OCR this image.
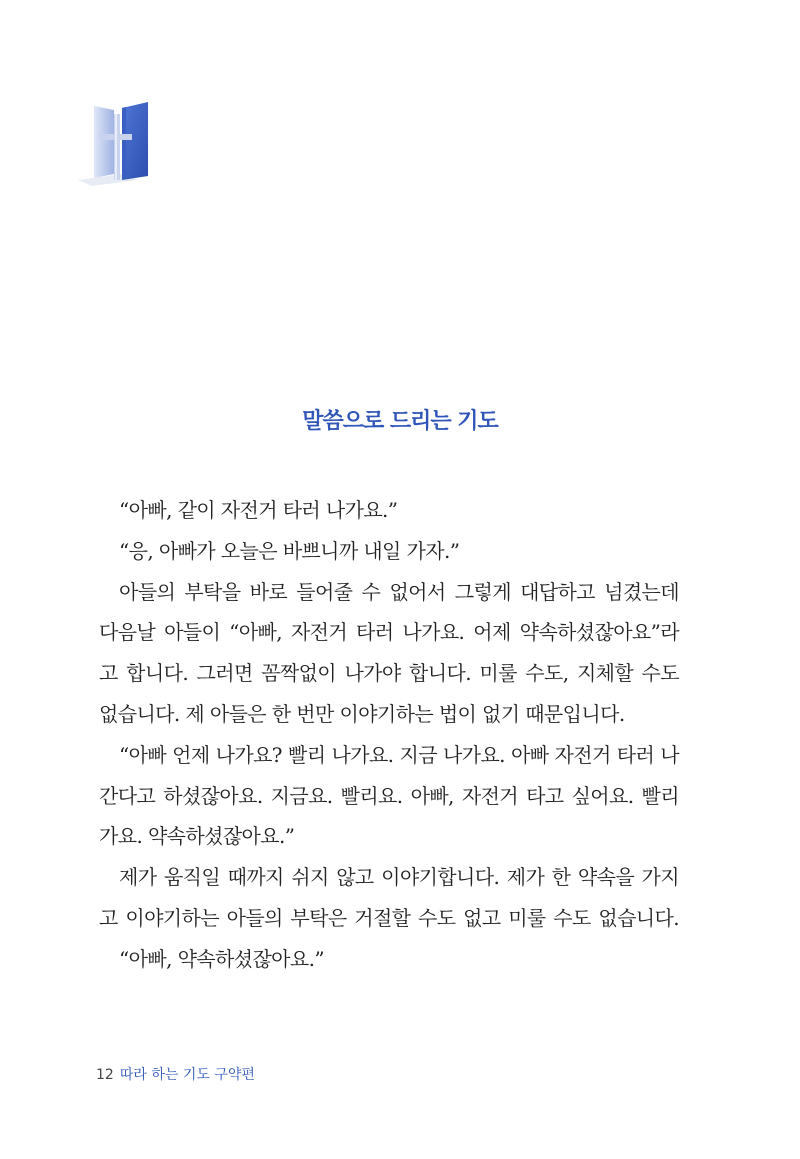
말씀으로 드리는 기도
“아빠, 같이 자전거 타러 나가요.”
“응, 아빠가 오늘은 바쁘니까 내일 가자.”
아들의 부탁을 바로 들어줄 수 없어서 그렇게 대답하고 넘겼는데
다음날 아들이 “아빠, 자전거 타러 나가요. 어제 약속하셨잖아요”라
고 합니다. 그러면 꼼짝없이 나가야 합니다. 미룰 수도, 지체할 수도
없습니다. 제 아들은 한 번만 이야기하는 법이 없기 때문입니다.
“아빠 언제 나가요? 빨리 나가요. 지금 나가요. 아빠 자전거 타러 나
간다고 하셨잖아요. 지금요. 빨리요. 아빠, 자전거 타고 싶어요. 빨리
가요. 약속하셨잖아요.”
제가 움직일 때까지 쉬지 않고 이야기합니다. 제가 한 약속을 가지
고 이야기하는 아들의 부탁은 거절할 수도 없고 미룰 수도 없습니다.
“아빠, 약속하셨잖아요.”
12 따라 하는 기도 구약편
